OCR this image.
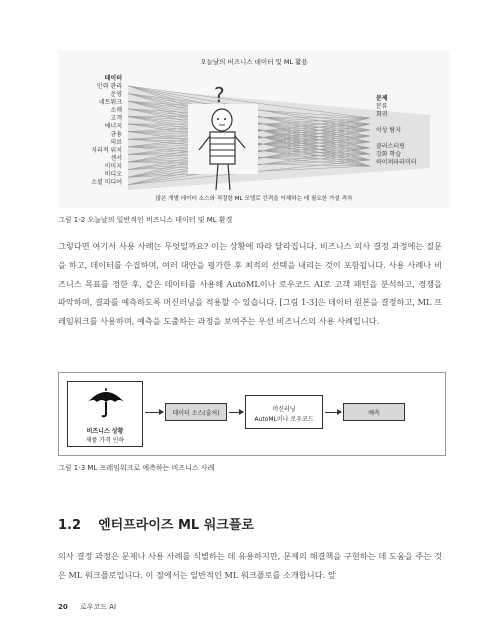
?
오늘날의 비즈니스 데이터 및 ML 활용
데이터
인력 관리
운영
네트워크
소매
고객
에너지
금융
의료
지리적 위치
센서
이미지
비디오
소셜 미디어
문제
분류
회귀
이상 탐지
클러스터링
강화 학습
하이퍼파라미터
많은 개별 데이터 소스와 적절한 ML 모델로 간격을 이해하는 데 필요한 가설 격차
그림 1-2 오늘날의 일반적인 비즈니스 데이터 및 ML 환경

그렇다면 여기서 사용 사례는 무엇일까요? 이는 상황에 따라 달라집니다. 비즈니스 의사 결정 과정에는 질문을 하고, 데이터를 수집하며, 여러 대안을 평가한 후 최적의 선택을 내리는 것이 포함됩니다. 사용 사례나 비즈니스 목표를 정한 후, 같은 데이터를 사용해 AutoML이나 로우코드 AI로 고객 패턴을 분석하고, 경쟁을 파악하며, 결과를 예측하도록 머신러닝을 적용할 수 있습니다. [그림 1-3]은 데이터 원본을 결정하고, ML 프레임워크를 사용하며, 예측을 도출하는 과정을 보여주는 우선 비즈니스의 사용 사례입니다.

비즈니스 상황
제품 가격 인하
데이터 소스(출처)
머신러닝
AutoML이나 로우코드
예측
그림 1-3 ML 프레임워크로 예측하는 비즈니스 사례
1.2 엔터프라이즈 ML 워크플로

의사 결정 과정은 문제나 사용 사례를 식별하는 데 유용하지만, 문제의 해결책을 구현하는 데 도움을 주는 것은 ML 워크플로입니다. 이 절에서는 일반적인 ML 워크플로를 소개합니다. 앞

20 로우코드 AI
